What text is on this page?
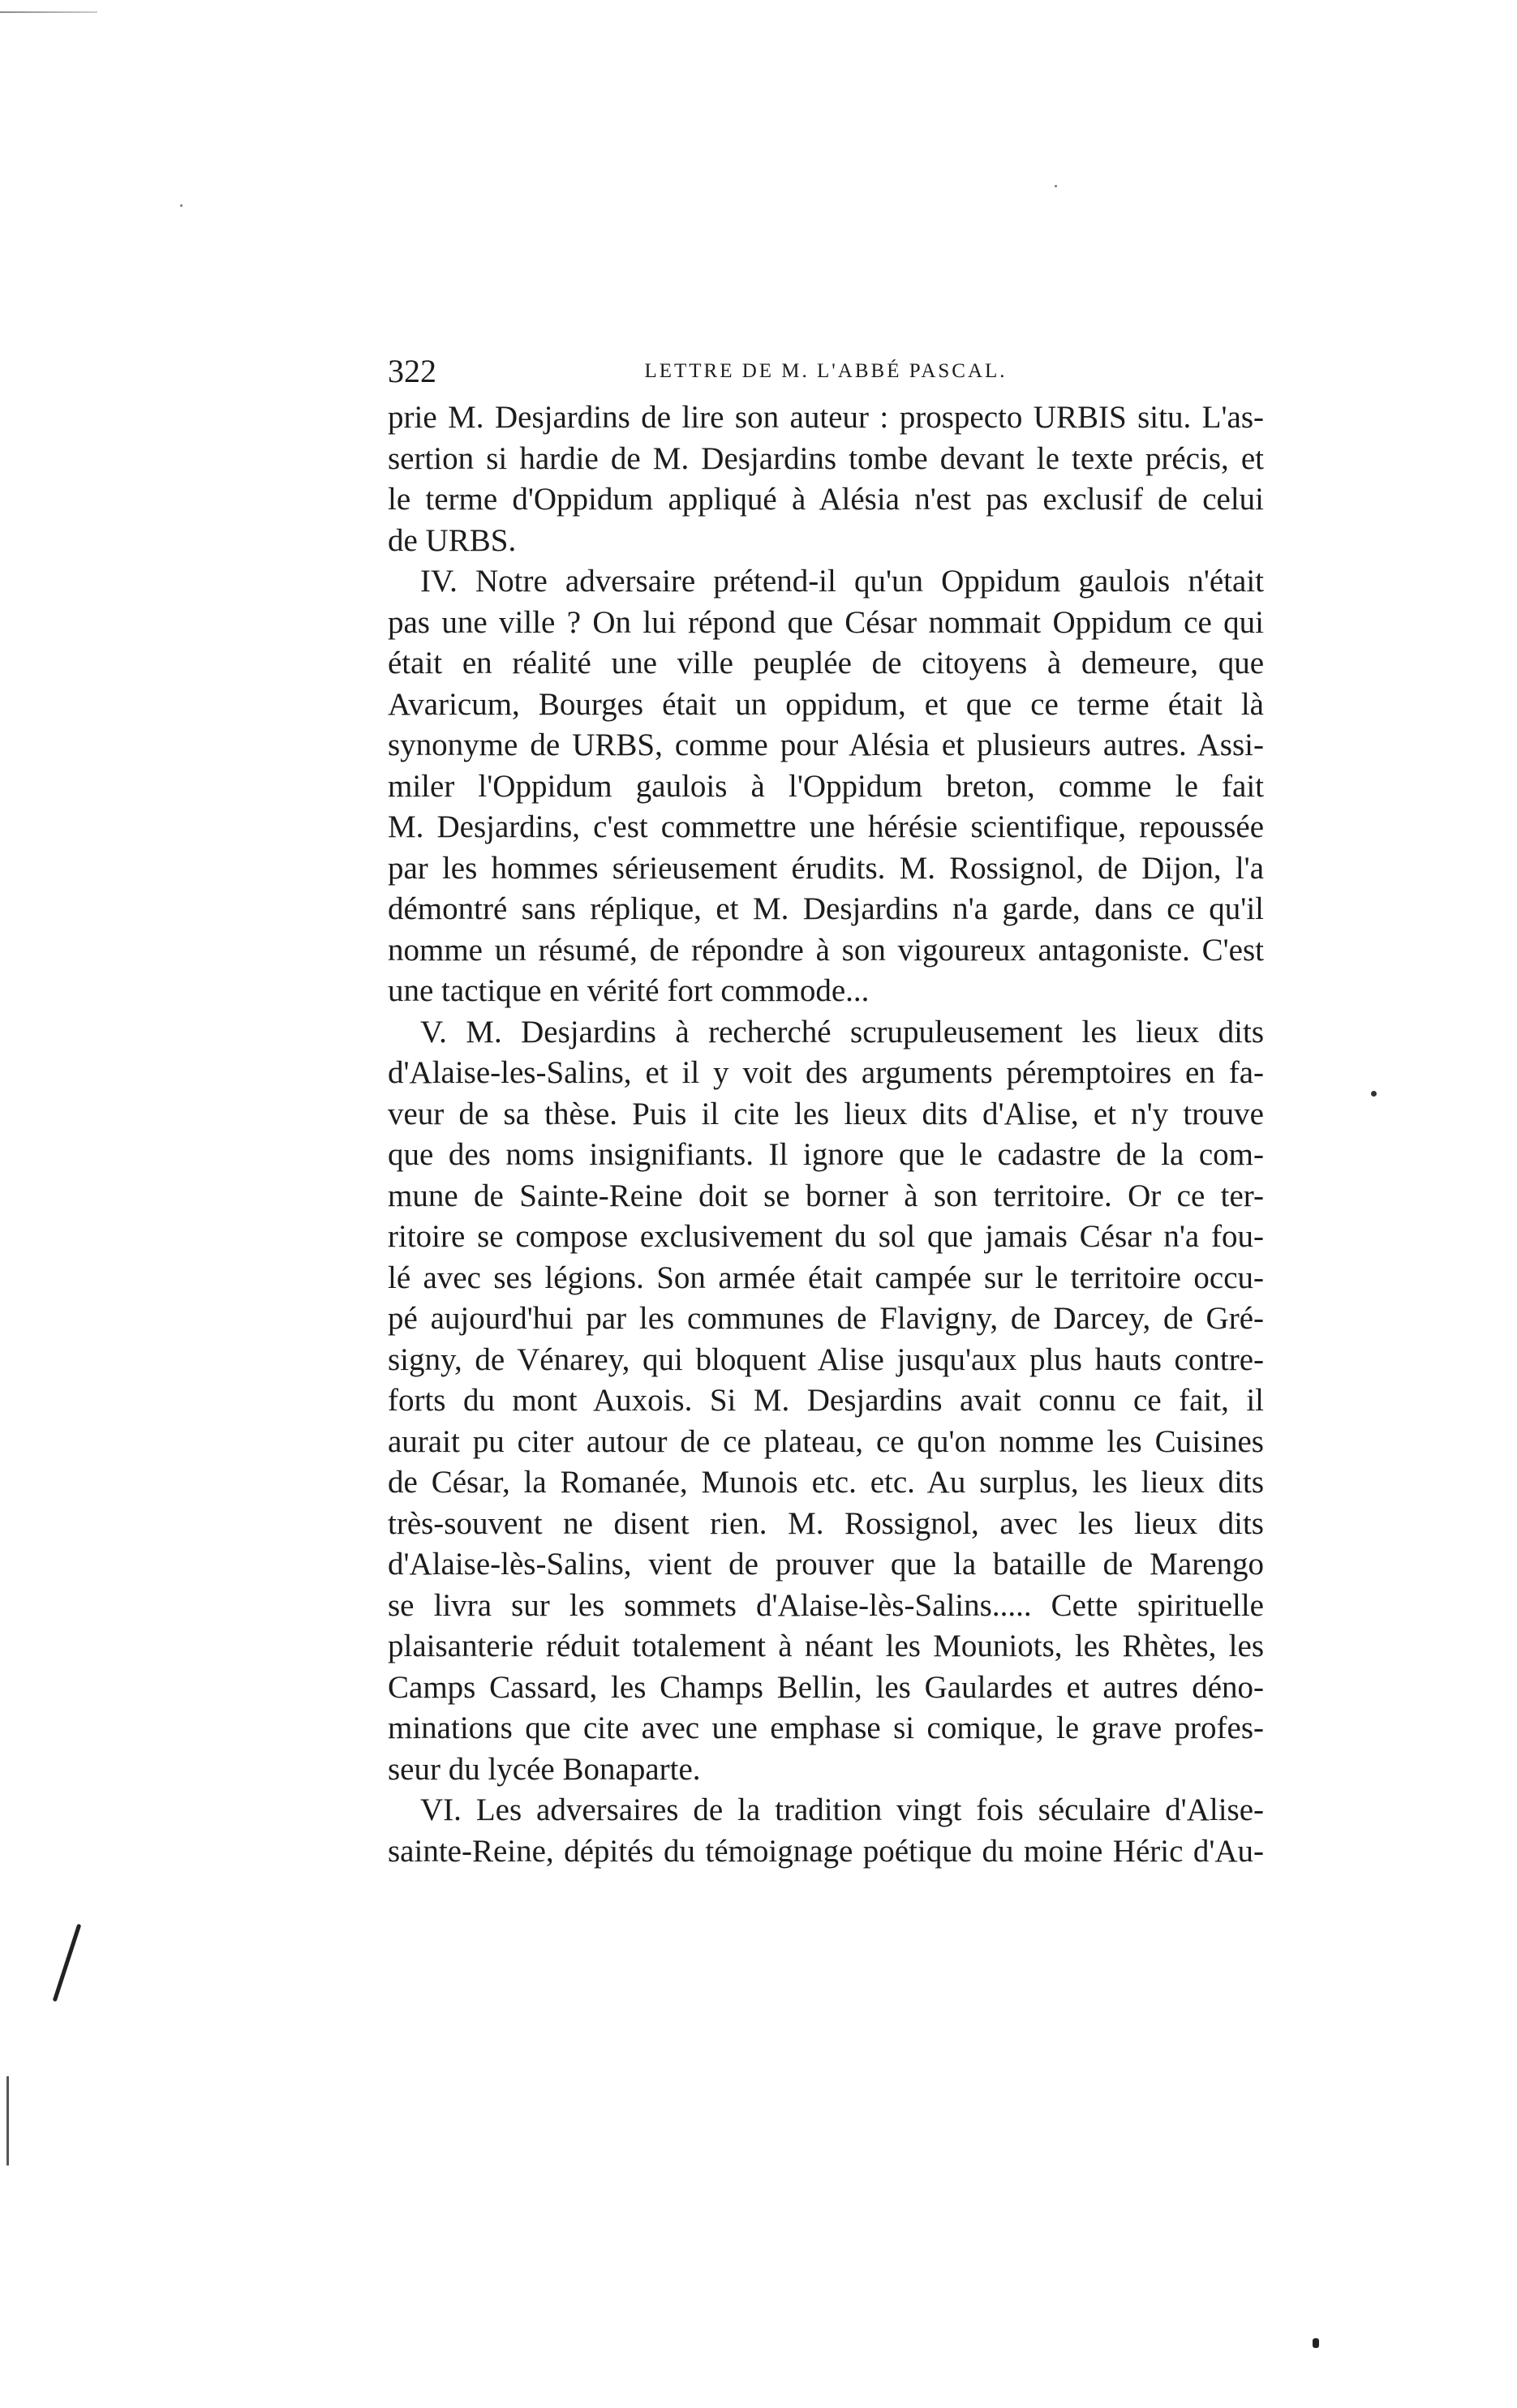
322	LETTRE DE M. L'ABBÉ PASCAL.
prie M. Desjardins de lire son auteur : prospecto URBIS situ. L'as-
sertion si hardie de M. Desjardins tombe devant le texte précis, et
le terme d'Oppidum appliqué à Alésia n'est pas exclusif de celui
de URBS.
IV. Notre adversaire prétend-il qu'un Oppidum gaulois n'était
pas une ville ? On lui répond que César nommait Oppidum ce qui
était en réalité une ville peuplée de citoyens à demeure, que
Avaricum, Bourges était un oppidum, et que ce terme était là
synonyme de URBS, comme pour Alésia et plusieurs autres. Assi-
miler l'Oppidum gaulois à l'Oppidum breton, comme le fait
M. Desjardins, c'est commettre une hérésie scientifique, repoussée
par les hommes sérieusement érudits. M. Rossignol, de Dijon, l'a
démontré sans réplique, et M. Desjardins n'a garde, dans ce qu'il
nomme un résumé, de répondre à son vigoureux antagoniste. C'est
une tactique en vérité fort commode...
V. M. Desjardins à recherché scrupuleusement les lieux dits
d'Alaise-les-Salins, et il y voit des arguments péremptoires en fa-
veur de sa thèse. Puis il cite les lieux dits d'Alise, et n'y trouve
que des noms insignifiants. Il ignore que le cadastre de la com-
mune de Sainte-Reine doit se borner à son territoire. Or ce ter-
ritoire se compose exclusivement du sol que jamais César n'a fou-
lé avec ses légions. Son armée était campée sur le territoire occu-
pé aujourd'hui par les communes de Flavigny, de Darcey, de Gré-
signy, de Vénarey, qui bloquent Alise jusqu'aux plus hauts contre-
forts du mont Auxois. Si M. Desjardins avait connu ce fait, il
aurait pu citer autour de ce plateau, ce qu'on nomme les Cuisines
de César, la Romanée, Munois etc. etc. Au surplus, les lieux dits
très-souvent ne disent rien. M. Rossignol, avec les lieux dits
d'Alaise-lès-Salins, vient de prouver que la bataille de Marengo
se livra sur les sommets d'Alaise-lès-Salins..... Cette spirituelle
plaisanterie réduit totalement à néant les Mouniots, les Rhètes, les
Camps Cassard, les Champs Bellin, les Gaulardes et autres déno-
minations que cite avec une emphase si comique, le grave profes-
seur du lycée Bonaparte.
VI. Les adversaires de la tradition vingt fois séculaire d'Alise-
sainte-Reine, dépités du témoignage poétique du moine Héric d'Au-
